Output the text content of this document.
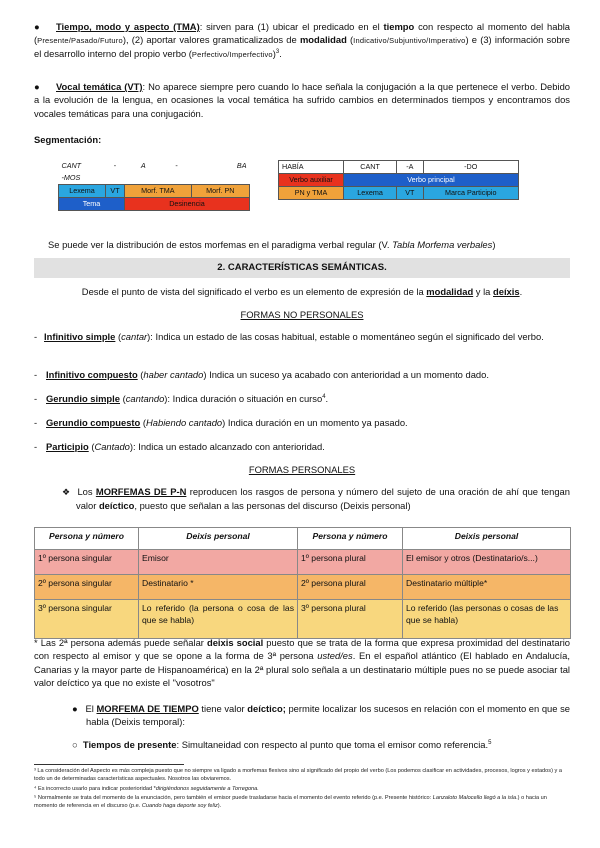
● Tiempo, modo y aspecto (TMA): sirven para (1) ubicar el predicado en el tiempo con respecto al momento del habla (Presente/Pasado/Futuro), (2) aportar valores gramaticalizados de modalidad (Indicativo/Subjuntivo/Imperativo) e (3) información sobre el desarrollo interno del propio verbo (Perfectivo/Imperfectivo)$^3$.
● Vocal temática (VT): No aparece siempre pero cuando lo hace señala la conjugación a la que pertenece el verbo. Debido a la evolución de la lengua, en ocasiones la vocal temática ha sufrido cambios en determinados tiempos y encontramos dos vocales temáticas para una conjugación.
Segmentación:
CANT	-	A	-	BA
-MOS				
Lexema	VT	Morf. TMA		Morf. PN
Tema		Desinencia		
HABÍA	CANT	-A	-DO
Verbo auxiliar	Verbo principal		
PN y TMA	Lexema	VT	Marca Participio
Se puede ver la distribución de estos morfemas en el paradigma verbal regular (V. Tabla Morfema verbales)
2. CARACTERÍSTICAS SEMÁNTICAS.
Desde el punto de vista del significado el verbo es un elemento de expresión de la modalidad y la deíxis.
FORMAS NO PERSONALES
- Infinitivo simple (cantar): Indica un estado de las cosas habitual, estable o momentáneo según el significado del verbo.
- Infinitivo compuesto (haber cantado) Indica un suceso ya acabado con anterioridad a un momento dado.
- Gerundio simple (cantando): Indica duración o situación en curso$^4$.
- Gerundio compuesto (Habiendo cantado) Indica duración en un momento ya pasado.
- Participio (Cantado): Indica un estado alcanzado con anterioridad.
FORMAS PERSONALES
❖ Los MORFEMAS DE P-N reproducen los rasgos de persona y número del sujeto de una oración de ahí que tengan valor deíctico, puesto que señalan a las personas del discurso (Deixis personal)
Persona y número	Deixis personal	Persona y número	Deixis personal
1º persona singular	Emisor	1º persona plural	El emisor y otros (Destinatario/s...)
2º persona singular	Destinatario *	2º persona plural	Destinatario múltiple*
3º persona singular	Lo referido (la persona o cosa de las que se habla)	3º persona plural	Lo referido (las personas o cosas de las que se habla)
* Las 2ª persona además puede señalar deixis social puesto que se trata de la forma que expresa proximidad del destinatario con respecto al emisor y que se opone a la forma de 3ª persona usted/es. En el español atlántico (El hablado en Andalucía, Canarias y la mayor parte de Hispanoamérica) en la 2ª plural solo señala a un destinatario múltiple pues no se puede asociar tal valor deíctico ya que no existe el "vosotros"
● El MORFEMA DE TIEMPO tiene valor deíctico; permite localizar los sucesos en relación con el momento en que se habla (Deixis temporal):
○ Tiempos de presente: Simultaneidad con respecto al punto que toma el emisor como referencia.$^5$
³ La consideración del Aspecto es más compleja puesto que no siempre va ligado a morfemas flexivos sino al significado del propio del verbo (Los podemos clasificar en actividades, procesos, logros y estados) y a todo un de determinadas características aspectuales. Nosotros las obviaremos.
⁴ Es incorrecto usarlo para indicar posterioridad *dirigiéndonos seguidamente a Torregona.
⁵ Normalmente se trata del momento de la enunciación, pero también el emisor puede trasladarse hacia el momento del evento referido (p.e. Presente histórico: Lanzaloto Malocello llegó a la isla.) o hacia un momento de referencia en el discurso (p.e. Cuando haga deporte soy feliz).
